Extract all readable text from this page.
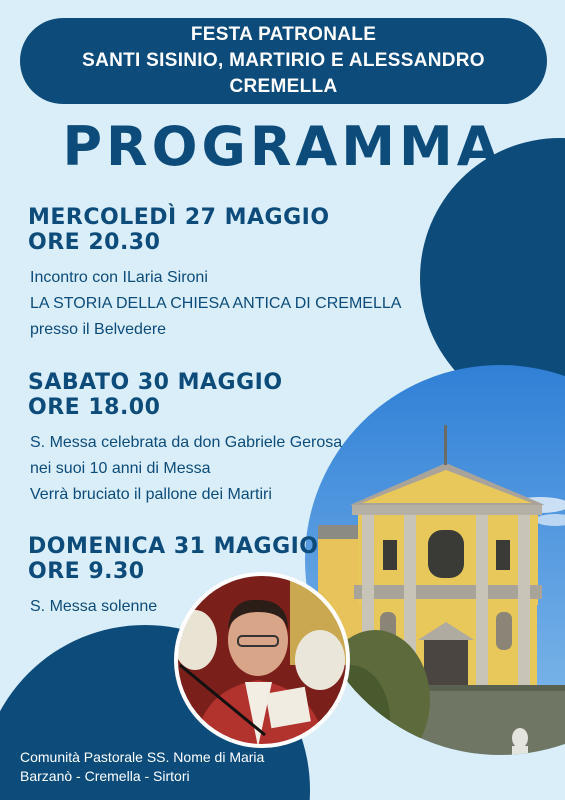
FESTA PATRONALE
SANTI SISINIO, MARTIRIO E ALESSANDRO
CREMELLA
PROGRAMMA
MERCOLEDÌ 27 MAGGIO
ORE 20.30
Incontro con ILaria Sironi
LA STORIA DELLA CHIESA ANTICA DI CREMELLA
presso il Belvedere
SABATO 30 MAGGIO
ORE 18.00
S. Messa celebrata da don Gabriele Gerosa
nei suoi 10 anni di Messa
Verrà bruciato il pallone dei Martiri
DOMENICA 31 MAGGIO
ORE 9.30
S. Messa solenne
Comunità Pastorale SS. Nome di Maria
Barzanò - Cremella - Sirtori
